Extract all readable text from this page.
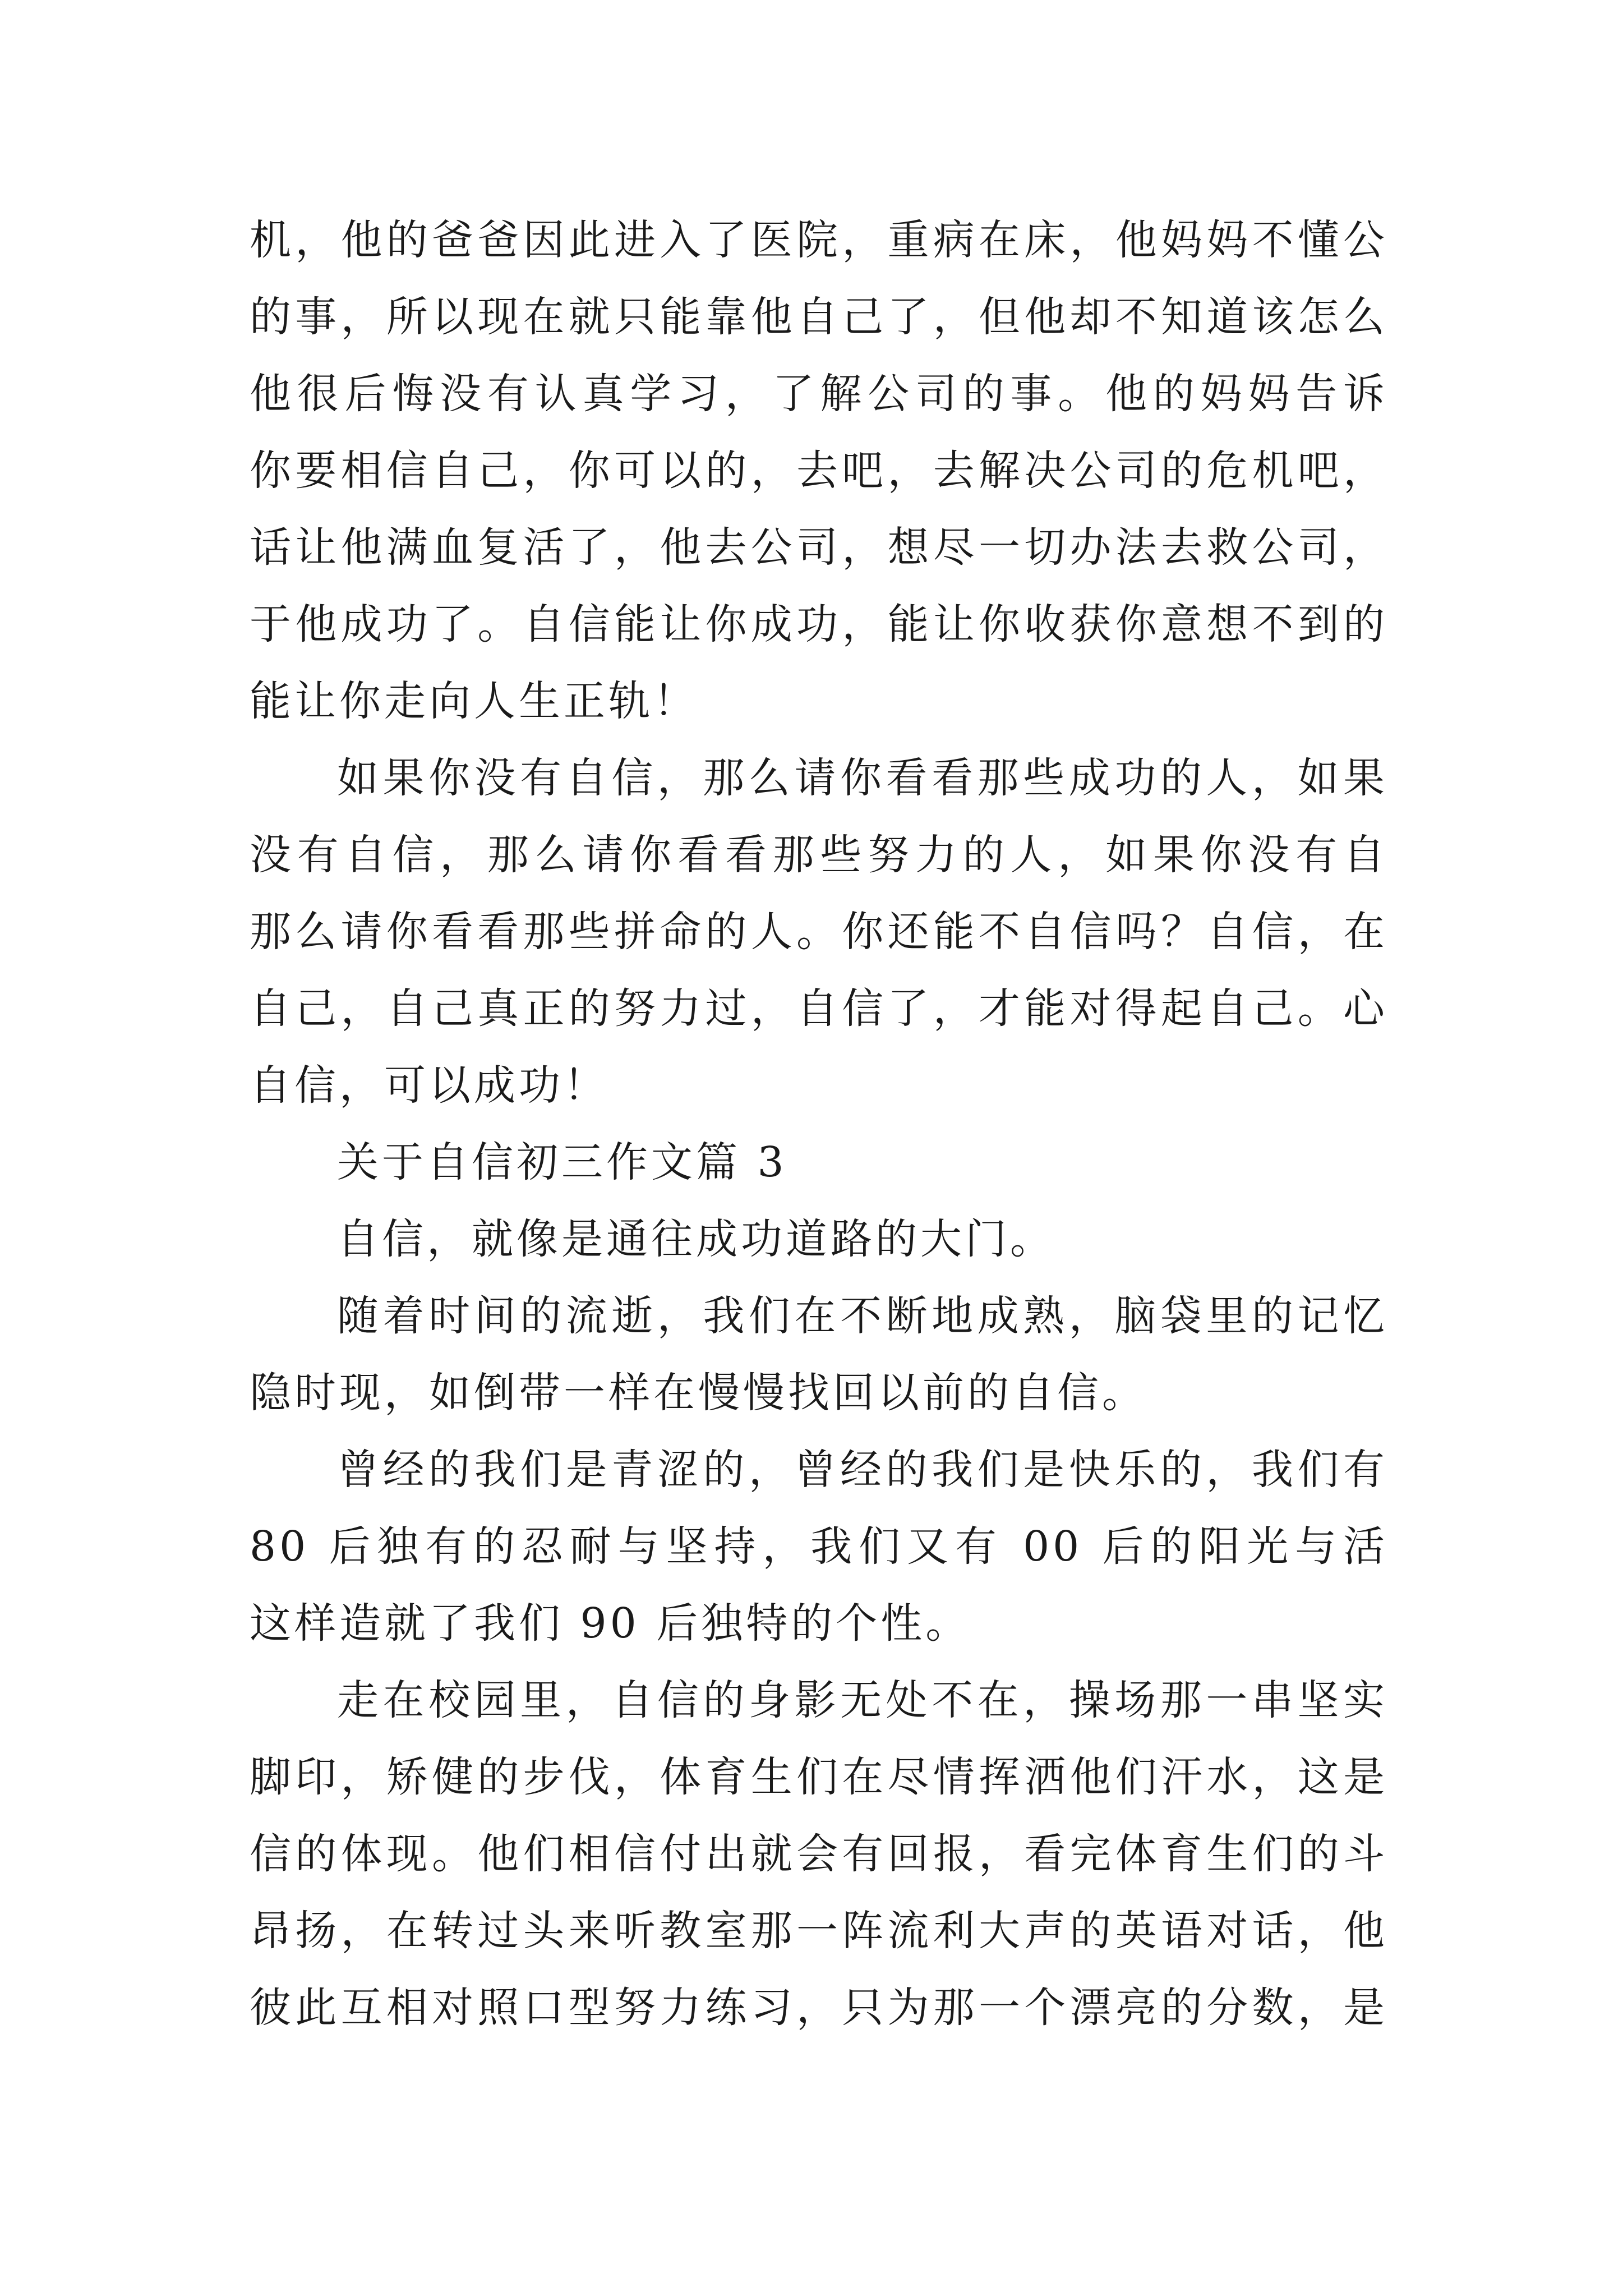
机，他的爸爸因此进入了医院，重病在床，他妈妈不懂公
的事，所以现在就只能靠他自己了，但他却不知道该怎么
他很后悔没有认真学习，了解公司的事。他的妈妈告诉
你要相信自己，你可以的，去吧，去解决公司的危机吧，
话让他满血复活了，他去公司，想尽一切办法去救公司，
于他成功了。自信能让你成功，能让你收获你意想不到的
能让你走向人生正轨！
如果你没有自信，那么请你看看那些成功的人，如果
没有自信，那么请你看看那些努力的人，如果你没有自
那么请你看看那些拼命的人。你还能不自信吗？自信，在
自己，自己真正的努力过，自信了，才能对得起自己。心
自信，可以成功！
关于自信初三作文篇 3
自信，就像是通往成功道路的大门。
随着时间的流逝，我们在不断地成熟，脑袋里的记忆
隐时现，如倒带一样在慢慢找回以前的自信。
曾经的我们是青涩的，曾经的我们是快乐的，我们有
80 后独有的忍耐与坚持，我们又有 00 后的阳光与活
这样造就了我们 90 后独特的个性。
走在校园里，自信的身影无处不在，操场那一串坚实
脚印，矫健的步伐，体育生们在尽情挥洒他们汗水，这是
信的体现。他们相信付出就会有回报，看完体育生们的斗
昂扬，在转过头来听教室那一阵流利大声的英语对话，他
彼此互相对照口型努力练习，只为那一个漂亮的分数，是
